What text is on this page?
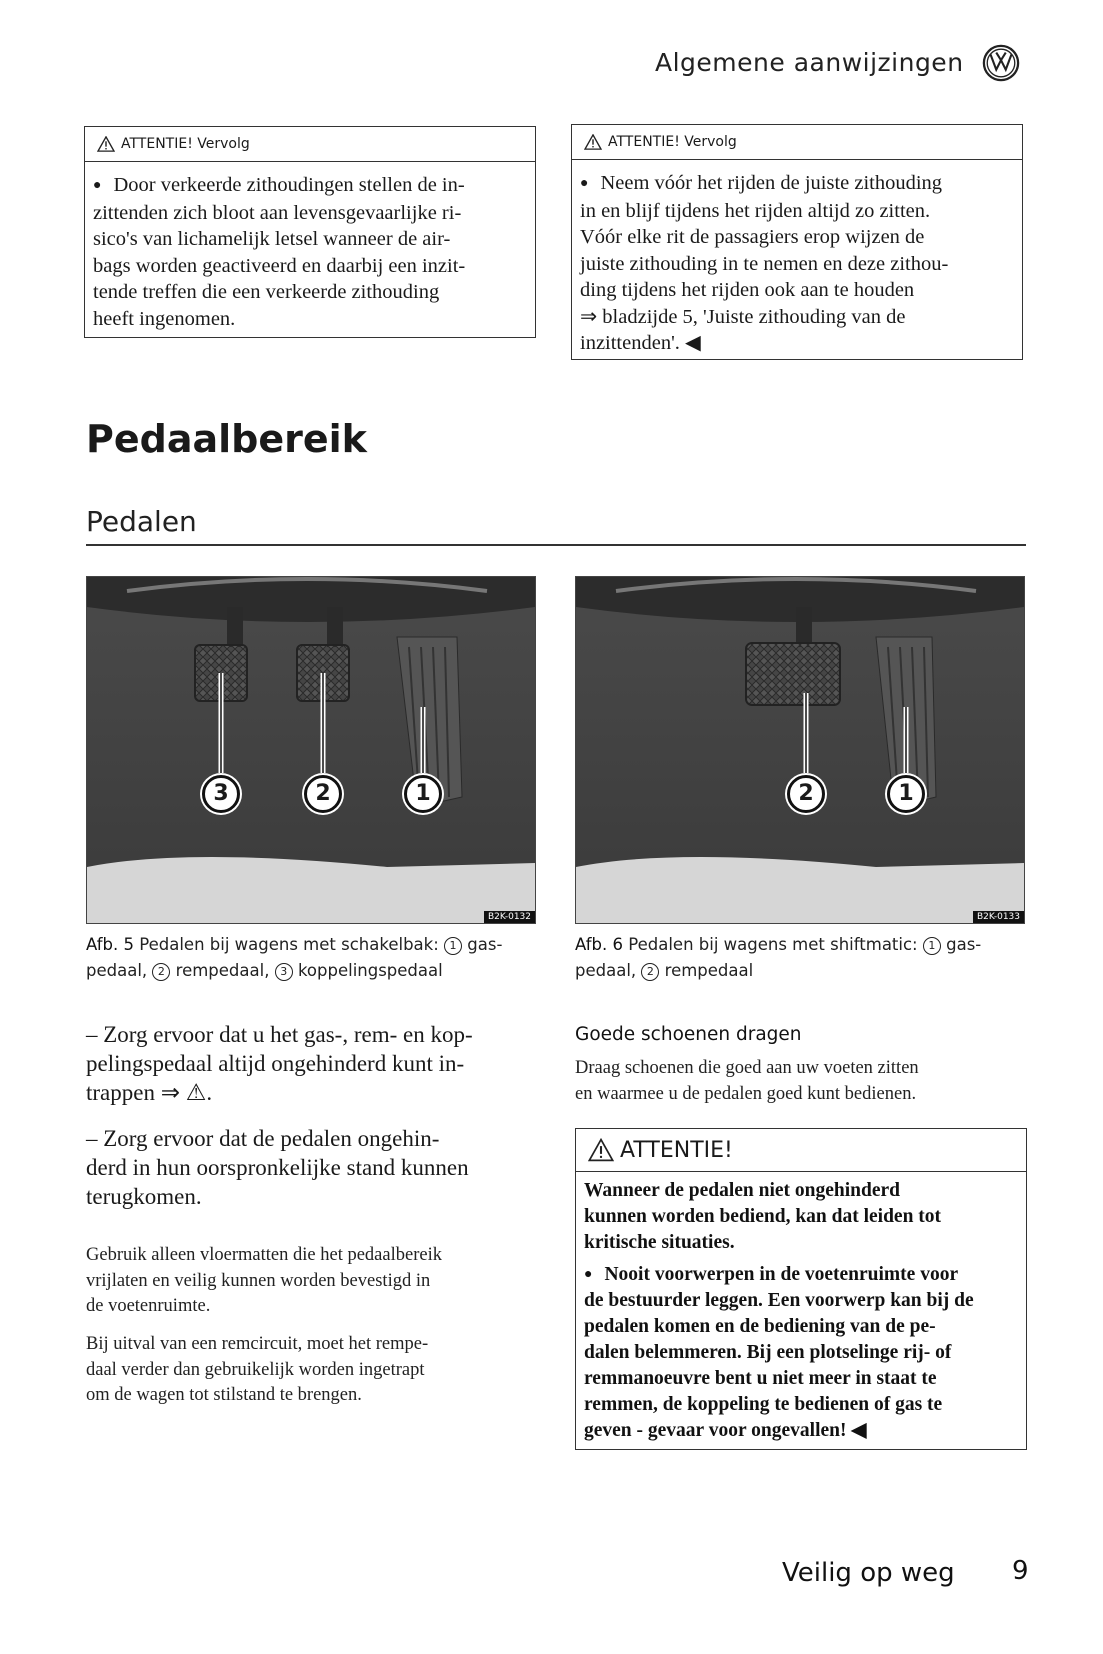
Algemene aanwijzingen
ATTENTIE! Vervolg
● Door verkeerde zithoudingen stellen de in-
zittenden zich bloot aan levensgevaarlijke ri-
sico's van lichamelijk letsel wanneer de air-
bags worden geactiveerd en daarbij een inzit-
tende treffen die een verkeerde zithouding
heeft ingenomen.
ATTENTIE! Vervolg
● Neem vóór het rijden de juiste zithouding
in en blijf tijdens het rijden altijd zo zitten.
Vóór elke rit de passagiers erop wijzen de
juiste zithouding in te nemen en deze zithou-
ding tijdens het rijden ook aan te houden
⇒ bladzijde 5, 'Juiste zithouding van de
inzittenden'. ◀
Pedaalbereik
Pedalen
3	2	1
B2K-0132
Afb. 5 Pedalen bij wagens met schakelbak: 1 gas-
pedaal, 2 rempedaal, 3 koppelingspedaal
2	1
B2K-0133
Afb. 6 Pedalen bij wagens met shiftmatic: 1 gas-
pedaal, 2 rempedaal
– Zorg ervoor dat u het gas-, rem- en kop-
pelingspedaal altijd ongehinderd kunt in-
trappen ⇒ ⚠.
– Zorg ervoor dat de pedalen ongehin-
derd in hun oorspronkelijke stand kunnen
terugkomen.
Gebruik alleen vloermatten die het pedaalbereik
vrijlaten en veilig kunnen worden bevestigd in
de voetenruimte.
Bij uitval van een remcircuit, moet het rempe-
daal verder dan gebruikelijk worden ingetrapt
om de wagen tot stilstand te brengen.
Goede schoenen dragen
Draag schoenen die goed aan uw voeten zitten
en waarmee u de pedalen goed kunt bedienen.
ATTENTIE!
Wanneer de pedalen niet ongehinderd
kunnen worden bediend, kan dat leiden tot
kritische situaties.
● Nooit voorwerpen in de voetenruimte voor
de bestuurder leggen. Een voorwerp kan bij de
pedalen komen en de bediening van de pe-
dalen belemmeren. Bij een plotselinge rij- of
remmanoeuvre bent u niet meer in staat te
remmen, de koppeling te bedienen of gas te
geven - gevaar voor ongevallen! ◀
Veilig op weg 9
